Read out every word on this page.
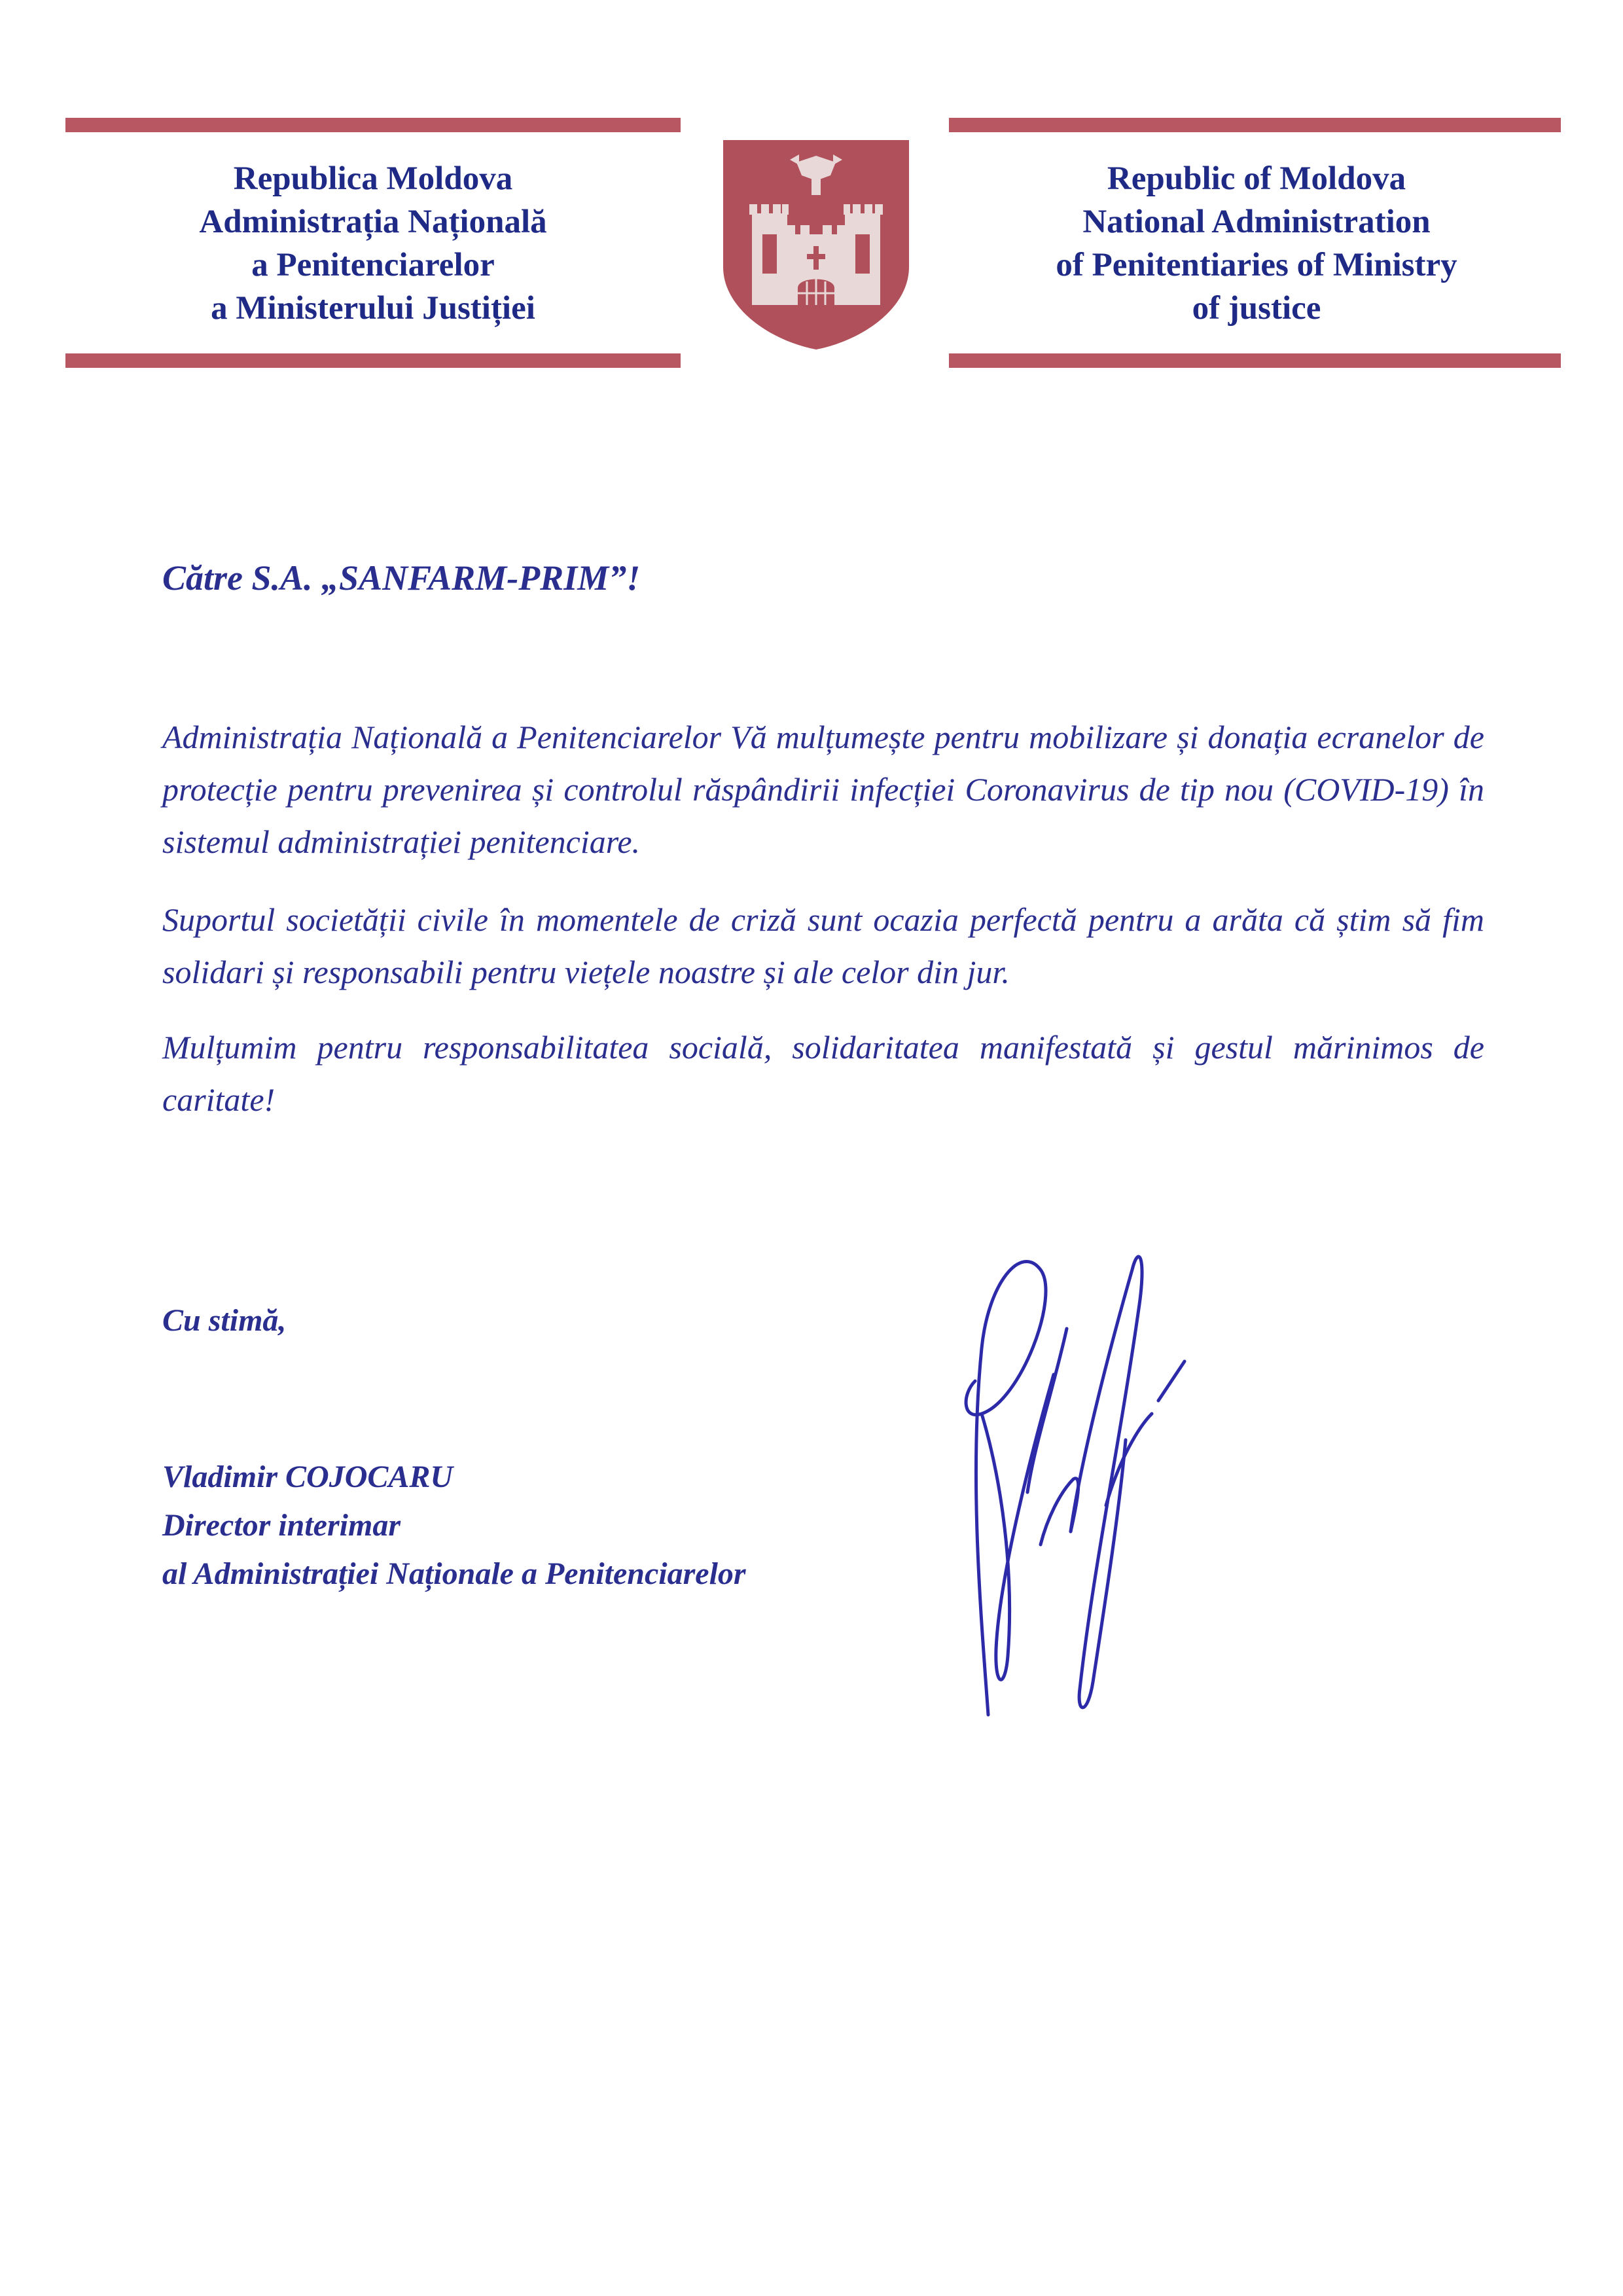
Republica Moldova
Administrația Națională
a Penitenciarelor
a Ministerului Justiției
Republic of Moldova
National Administration
of Penitentiaries of Ministry
of justice
Către S.A. „SANFARM-PRIM”!
Administrația Națională a Penitenciarelor Vă mulțumește pentru mobilizare și donația ecranelor de protecție pentru prevenirea și controlul răspândirii infecției Coronavirus de tip nou (COVID-19) în sistemul administrației penitenciare.
Suportul societății civile în momentele de criză sunt ocazia perfectă pentru a arăta că știm să fim solidari și responsabili pentru viețele noastre și ale celor din jur.
Mulțumim pentru responsabilitatea socială, solidaritatea manifestată și gestul mărinimos de caritate!
Cu stimă,
Vladimir COJOCARU
Director interimar
al Administrației Naționale a Penitenciarelor
